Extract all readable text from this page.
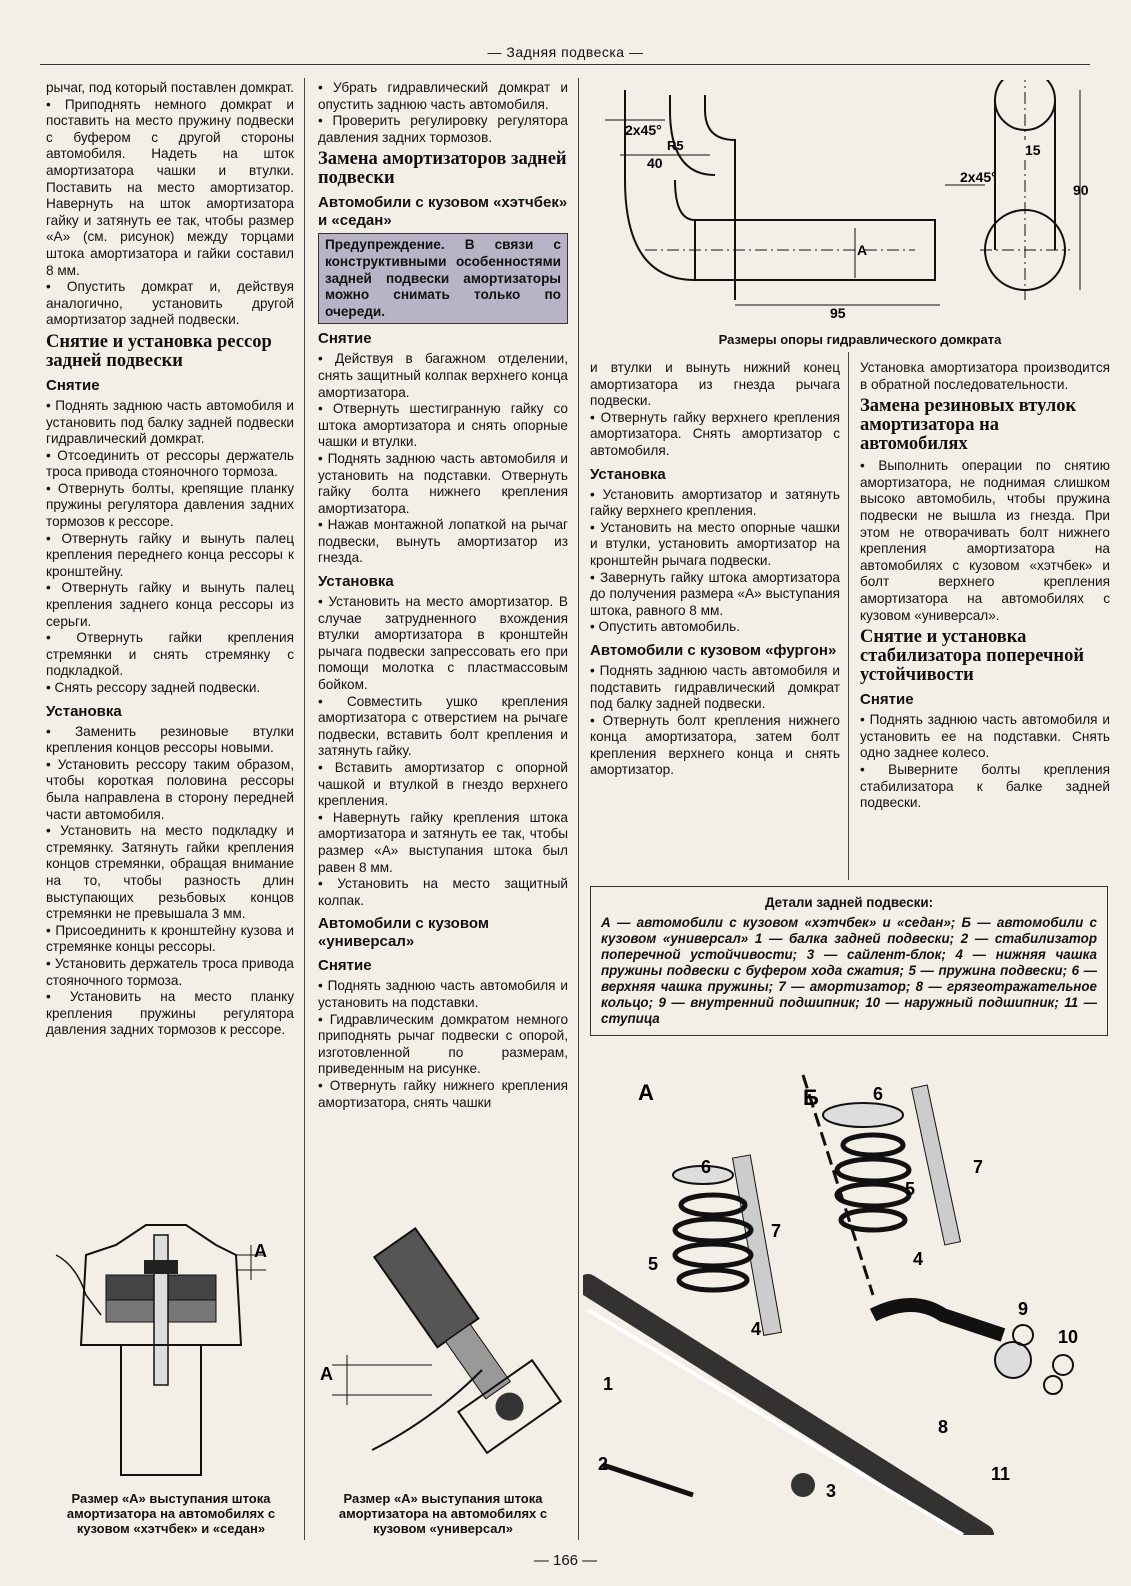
— Задняя подвеска —

рычаг, под который поставлен домкрат.

• Приподнять немного домкрат и поставить на место пружину подвески с буфером с другой стороны автомобиля. Надеть на шток амортизатора чашки и втулки. Поставить на место амортизатор. Навернуть на шток амортизатора гайку и затянуть ее так, чтобы размер «А» (см. рисунок) между торцами штока амортизатора и гайки составил 8 мм.

• Опустить домкрат и, действуя аналогично, установить другой амортизатор задней подвески.

Снятие и установка рессор задней подвески
Снятие

• Поднять заднюю часть автомобиля и установить под балку задней подвески гидравлический домкрат.

• Отсоединить от рессоры держатель троса привода стояночного тормоза.

• Отвернуть болты, крепящие планку пружины регулятора давления задних тормозов к рессоре.

• Отвернуть гайку и вынуть палец крепления переднего конца рессоры к кронштейну.

• Отвернуть гайку и вынуть палец крепления заднего конца рессоры из серьги.

• Отвернуть гайки крепления стремянки и снять стремянку с подкладкой.

• Снять рессору задней подвески.

Установка

• Заменить резиновые втулки крепления концов рессоры новыми.

• Установить рессору таким образом, чтобы короткая половина рессоры была направлена в сторону передней части автомобиля.

• Установить на место подкладку и стремянку. Затянуть гайки крепления концов стремянки, обращая внимание на то, чтобы разность длин выступающих резьбовых концов стремянки не превышала 3 мм.

• Присоединить к кронштейну кузова и стремянке концы рессоры.

• Установить держатель троса привода стояночного тормоза.

• Установить на место планку крепления пружины регулятора давления задних тормозов к рессоре.

А
Размер «А» выступания штока амортизатора на автомобилях с кузовом «хэтчбек» и «седан»

• Убрать гидравлический домкрат и опустить заднюю часть автомобиля.

• Проверить регулировку регулятора давления задних тормозов.

Замена амортизаторов задней подвески
Автомобили с кузовом «хэтчбек» и «седан»
Предупреждение. В связи с конструктивными особенностями задней подвески амортизаторы можно снимать только по очереди.
Снятие

• Действуя в багажном отделении, снять защитный колпак верхнего конца амортизатора.

• Отвернуть шестигранную гайку со штока амортизатора и снять опорные чашки и втулки.

• Поднять заднюю часть автомобиля и установить на подставки. Отвернуть гайку болта нижнего крепления амортизатора.

• Нажав монтажной лопаткой на рычаг подвески, вынуть амортизатор из гнезда.

Установка

• Установить на место амортизатор. В случае затрудненного вхождения втулки амортизатора в кронштейн рычага подвески запрессовать его при помощи молотка с пластмассовым бойком.

• Совместить ушко крепления амортизатора с отверстием на рычаге подвески, вставить болт крепления и затянуть гайку.

• Вставить амортизатор с опорной чашкой и втулкой в гнездо верхнего крепления.

• Навернуть гайку крепления штока амортизатора и затянуть ее так, чтобы размер «А» выступания штока был равен 8 мм.

• Установить на место защитный колпак.

Автомобили с кузовом «универсал»
Снятие

• Поднять заднюю часть автомобиля и установить на подставки.

• Гидравлическим домкратом немного приподнять рычаг подвески с опорой, изготовленной по размерам, приведенным на рисунке.

• Отвернуть гайку нижнего крепления амортизатора, снять чашки

А
Размер «А» выступания штока амортизатора на автомобилях с кузовом «универсал»
2x45°
R5
40
А
95
15
2x45°
90
Размеры опоры гидравлического домкрата

и втулки и вынуть нижний конец амортизатора из гнезда рычага подвески.

• Отвернуть гайку верхнего крепления амортизатора. Снять амортизатор с автомобиля.

Установка

• Установить амортизатор и затянуть гайку верхнего крепления.

• Установить на место опорные чашки и втулки, установить амортизатор на кронштейн рычага подвески.

• Завернуть гайку штока амортизатора до получения размера «А» выступания штока, равного 8 мм.

• Опустить автомобиль.

Автомобили с кузовом «фургон»

• Поднять заднюю часть автомобиля и подставить гидравлический домкрат под балку задней подвески.

• Отвернуть болт крепления нижнего конца амортизатора, затем болт крепления верхнего конца и снять амортизатор.

Установка амортизатора производится в обратной последовательности.

Замена резиновых втулок амортизатора на автомобилях

• Выполнить операции по снятию амортизатора, не поднимая слишком высоко автомобиль, чтобы пружина подвески не вышла из гнезда. При этом не отворачивать болт нижнего крепления амортизатора на автомобилях с кузовом «хэтчбек» и болт верхнего крепления амортизатора на автомобилях с кузовом «универсал».

Снятие и установка стабилизатора поперечной устойчивости
Снятие

• Поднять заднюю часть автомобиля и установить ее на подставки. Снять одно заднее колесо.

• Выверните болты крепления стабилизатора к балке задней подвески.

Детали задней подвески:
А — автомобили с кузовом «хэтчбек» и «седан»; Б — автомобили с кузовом «универсал» 1 — балка задней подвески; 2 — стабилизатор поперечной устойчивости; 3 — сайлент-блок; 4 — нижняя чашка пружины подвески с буфером хода сжатия; 5 — пружина подвески; 6 — верхняя чашка пружины; 7 — амортизатор; 8 — грязеотражательное кольцо; 9 — внутренний подшипник; 10 — наружный подшипник; 11 — ступица
А	Б
1
2
3
4
4
5
5
6
6
7
7
8
9
10
11
— 166 —
